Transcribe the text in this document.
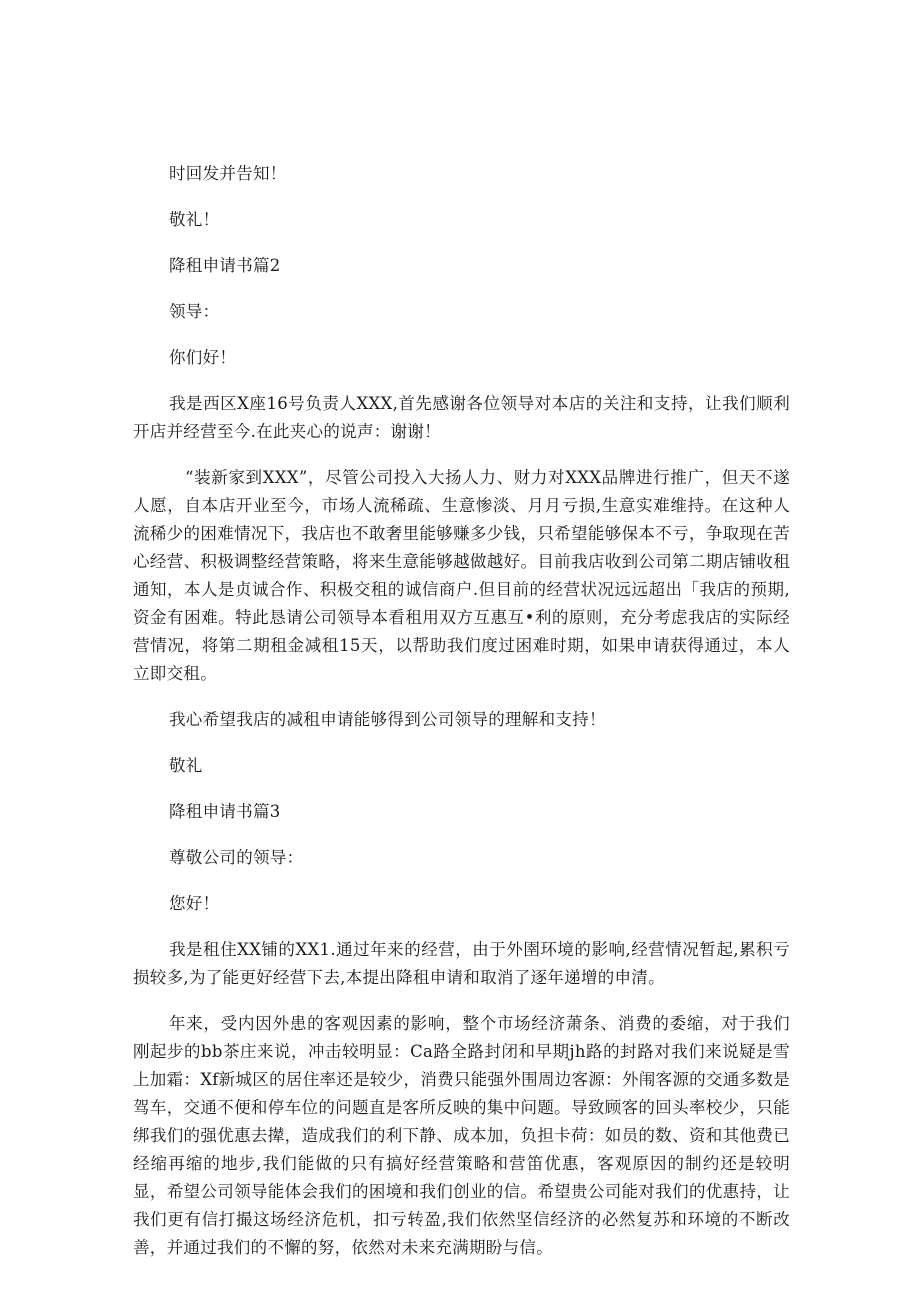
时回发并告知！

敬礼！

降租申请书篇2

领导：

你们好！

我是西区X座16号负责人XXX,首先感谢各位领导对本店的关注和支持，让我们顺利开店并经营至今.在此夹心的说声：谢谢！

“装新家到XXX”，尽管公司投入大扬人力、财力对XXX品牌进行推广，但天不遂人愿，自本店开业至今，市场人流稀疏、生意惨淡、月月亏损,生意实难维持。在这种人流稀少的困难情况下，我店也不敢奢里能够赚多少钱，只希望能够保本不亏，争取现在苦心经营、积极调整经营策略，将来生意能够越做越好。目前我店收到公司第二期店铺收租通知，本人是贞诚合作、积极交租的诚信商户.但目前的经营状况远远超出「我店的预期,资金有困难。特此恳请公司领导本看租用双方互惠互•利的原则，充分考虑我店的实际经营情况，将第二期租金减租15天，以帮助我们度过困难时期，如果申请获得通过，本人立即交租。

我心希望我店的减租申请能够得到公司领导的理解和支持！

敬礼

降租申请书篇3

尊敬公司的领导：

您好！

我是租住XX铺的XX1.通过年来的经营，由于外圉环境的影响,经营情况暂起,累积亏损较多,为了能更好经营下去,本提出降租申请和取消了逐年递增的申清。

年来，受内因外患的客观因素的影响，整个市场经济萧条、消费的委缩，对于我们刚起步的bb茶庄来说，冲击较明显：Ca路全路封闭和早期jh路的封路对我们来说疑是雪上加霜：Xf新城区的居住率还是较少，消费只能强外围周边客源：外闱客源的交通多数是驾车，交通不便和停车位的问题直是客所反映的集中问题。导致顾客的回头率校少，只能绑我们的强优惠去撵，造成我们的利下静、成本加，负担卡荷：如员的数、资和其他费已经缩再缩的地步,我们能做的只有搞好经营策略和营笛优惠，客观原因的制约还是较明显，希望公司领导能体会我们的困境和我们创业的信。希望贵公司能对我们的优惠持，让我们更有信打撮这场经济危机，扣亏转盈,我们依然坚信经济的必然复苏和环境的不断改善，并通过我们的不懈的努，依然对未来充满期盼与信。
